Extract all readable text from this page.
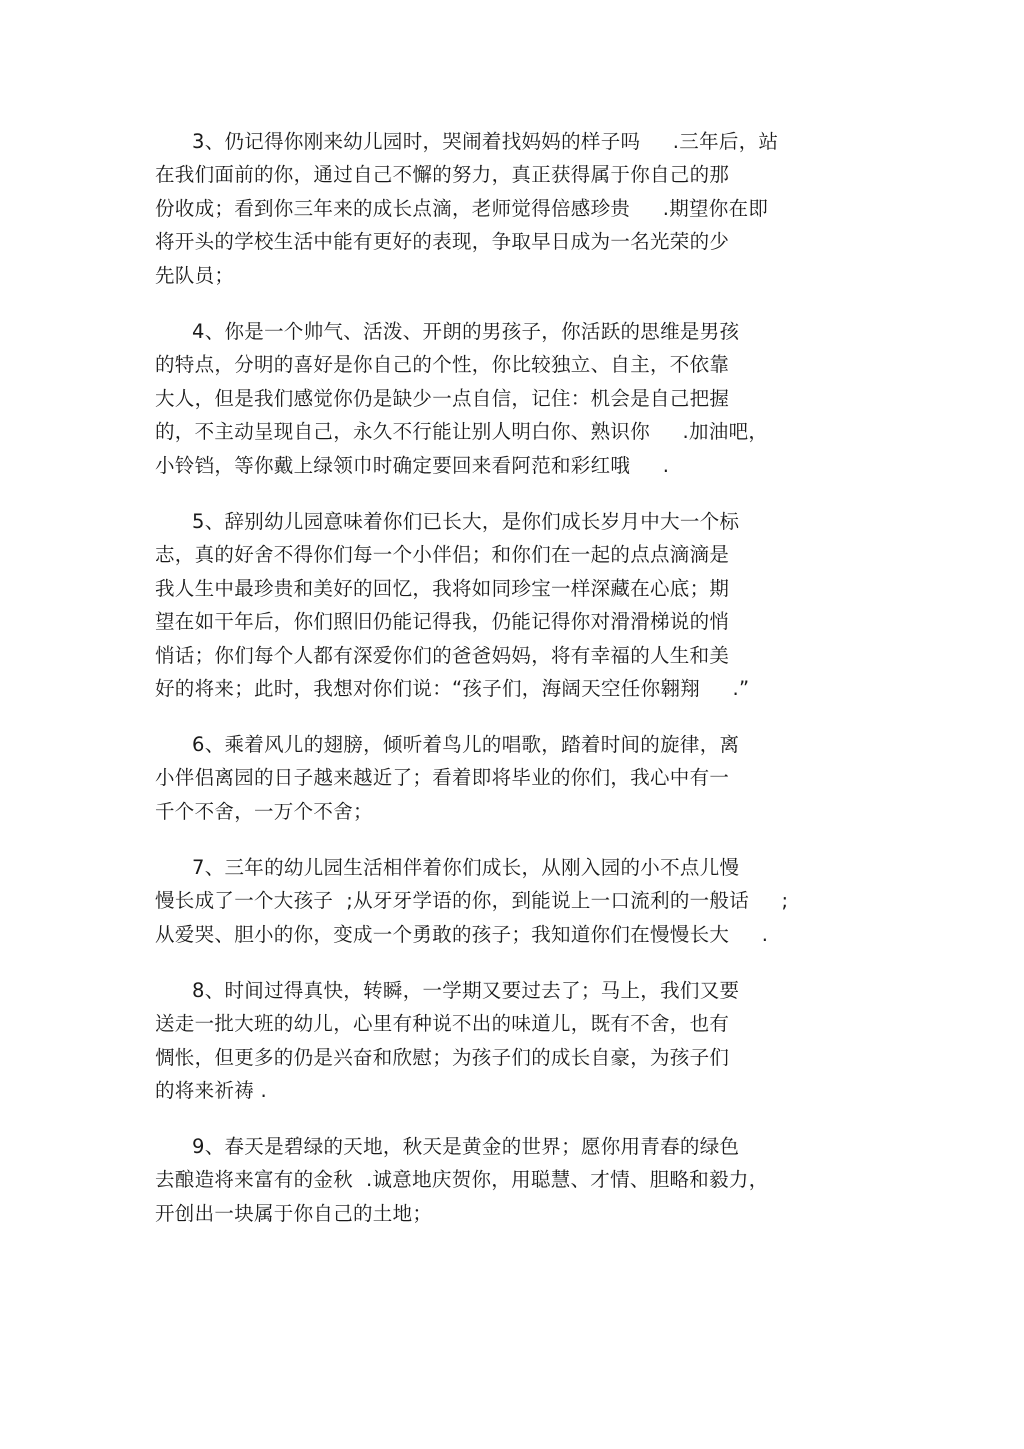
3、仍记得你刚来幼儿园时，哭闹着找妈妈的样子吗     .三年后，站
在我们面前的你，通过自己不懈的努力，真正获得属于你自己的那
份收成；看到你三年来的成长点滴，老师觉得倍感珍贵     .期望你在即
将开头的学校生活中能有更好的表现，争取早日成为一名光荣的少
先队员；
4、你是一个帅气、活泼、开朗的男孩子，你活跃的思维是男孩
的特点，分明的喜好是你自己的个性，你比较独立、自主，不依靠
大人，但是我们感觉你仍是缺少一点自信，记住：机会是自己把握
的，不主动呈现自己，永久不行能让别人明白你、熟识你     .加油吧，
小铃铛，等你戴上绿领巾时确定要回来看阿范和彩红哦     .
5、辞别幼儿园意味着你们已长大，是你们成长岁月中大一个标
志，真的好舍不得你们每一个小伴侣；和你们在一起的点点滴滴是
我人生中最珍贵和美好的回忆，我将如同珍宝一样深藏在心底；期
望在如干年后，你们照旧仍能记得我，仍能记得你对滑滑梯说的悄
悄话；你们每个人都有深爱你们的爸爸妈妈，将有幸福的人生和美
好的将来；此时，我想对你们说：“孩子们，海阔天空任你翱翔     .”
6、乘着风儿的翅膀，倾听着鸟儿的唱歌，踏着时间的旋律，离
小伴侣离园的日子越来越近了；看着即将毕业的你们，我心中有一
千个不舍，一万个不舍；
7、三年的幼儿园生活相伴着你们成长，从刚入园的小不点儿慢
慢长成了一个大孩子  ;从牙牙学语的你，到能说上一口流利的一般话     ;
从爱哭、胆小的你，变成一个勇敢的孩子；我知道你们在慢慢长大     .
8、时间过得真快，转瞬，一学期又要过去了；马上，我们又要
送走一批大班的幼儿，心里有种说不出的味道儿，既有不舍，也有
惆怅，但更多的仍是兴奋和欣慰；为孩子们的成长自豪，为孩子们
的将来祈祷 .
9、春天是碧绿的天地，秋天是黄金的世界；愿你用青春的绿色
去酿造将来富有的金秋  .诚意地庆贺你，用聪慧、才情、胆略和毅力，
开创出一块属于你自己的土地；
